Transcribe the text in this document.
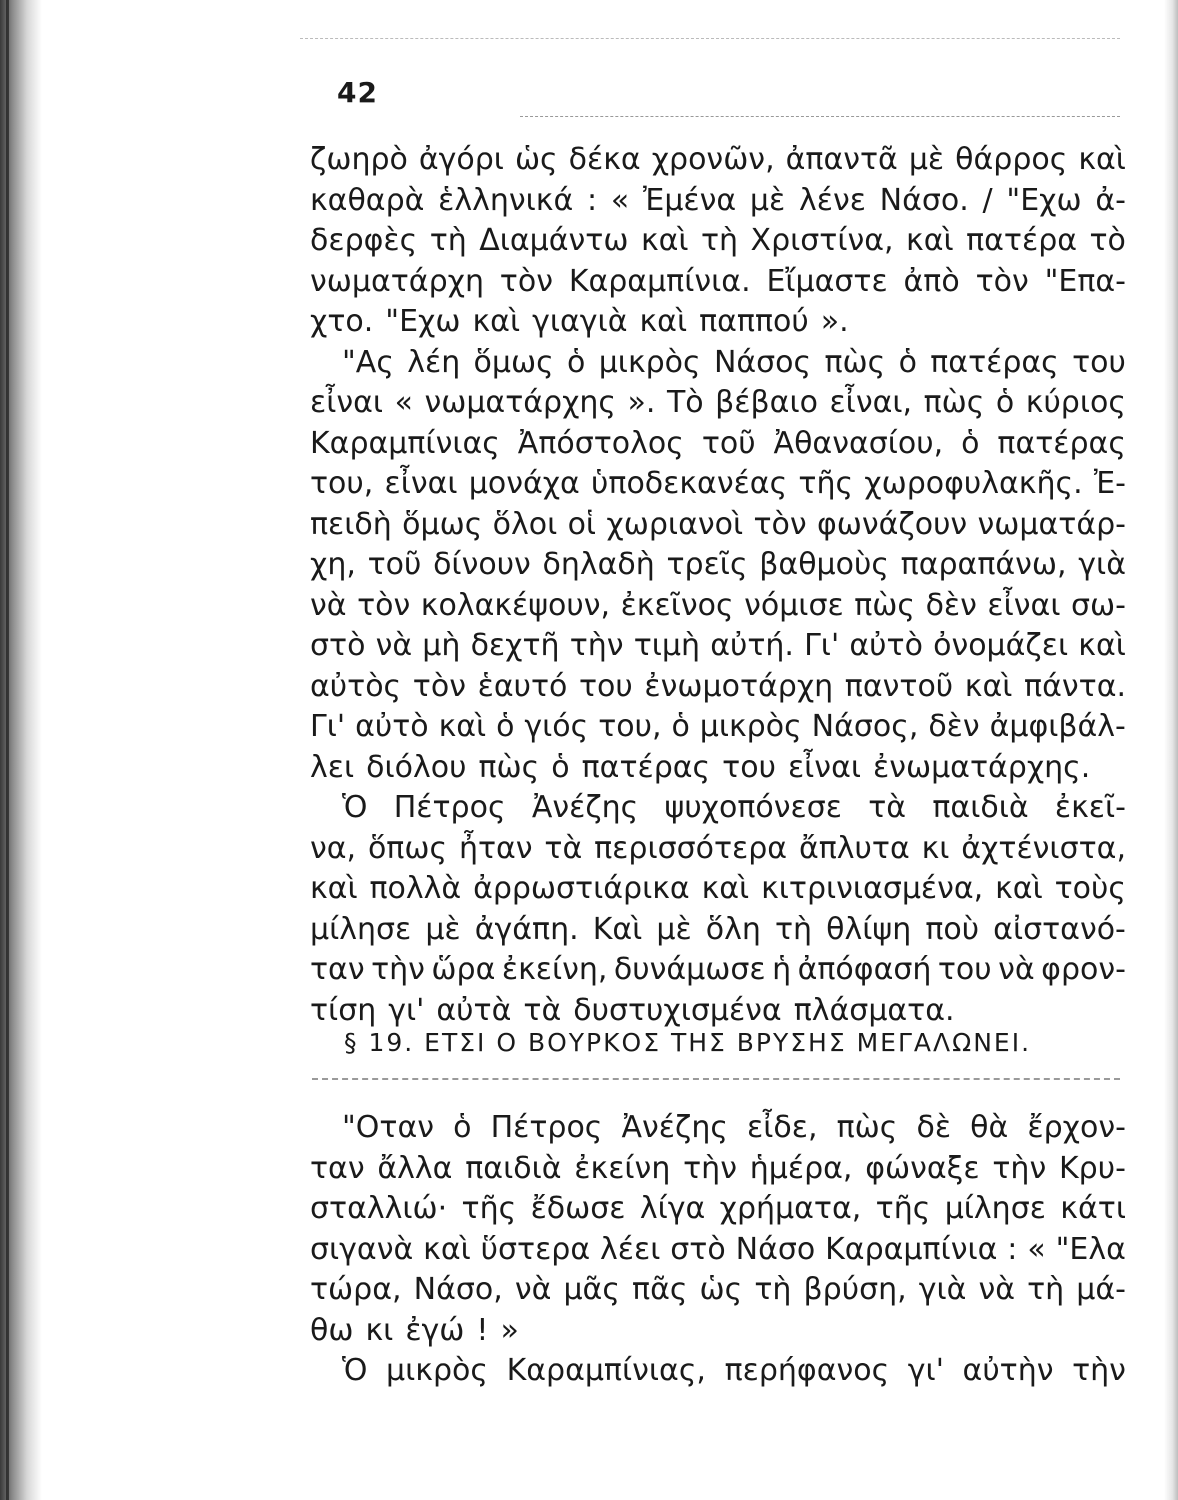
42
ζωηρὸ ἀγόρι ὡς δέκα χρονῶν, ἀπαντᾶ μὲ θάρρος καὶ
καθαρὰ ἑλληνικά : « Ἐμένα μὲ λένε Νάσο. / "Εχω ἀ-
δερφὲς τὴ Διαμάντω καὶ τὴ Χριστίνα, καὶ πατέρα τὸ
νωματάρχη τὸν Καραμπίνια. Εἴμαστε ἀπὸ τὸν "Επα-
χτο. "Εχω καὶ γιαγιὰ καὶ παππού ».
"Ας λέη ὅμως ὁ μικρὸς Νάσος πὼς ὁ πατέρας του
εἶναι « νωματάρχης ». Τὸ βέβαιο εἶναι, πὼς ὁ κύριος
Καραμπίνιας Ἀπόστολος τοῦ Ἀθανασίου, ὁ πατέρας
του, εἶναι μονάχα ὑποδεκανέας τῆς χωροφυλακῆς. Ἐ-
πειδὴ ὅμως ὅλοι οἱ χωριανοὶ τὸν φωνάζουν νωματάρ-
χη, τοῦ δίνουν δηλαδὴ τρεῖς βαθμοὺς παραπάνω, γιὰ
νὰ τὸν κολακέψουν, ἐκεῖνος νόμισε πὼς δὲν εἶναι σω-
στὸ νὰ μὴ δεχτῆ τὴν τιμὴ αὐτή. Γι' αὐτὸ ὀνομάζει καὶ
αὐτὸς τὸν ἑαυτό του ἐνωμοτάρχη παντοῦ καὶ πάντα.
Γι' αὐτὸ καὶ ὁ γιός του, ὁ μικρὸς Νάσος, δὲν ἀμφιβάλ-
λει διόλου πὼς ὁ πατέρας του εἶναι ἐνωματάρχης.
Ὁ Πέτρος Ἀνέζης ψυχοπόνεσε τὰ παιδιὰ ἐκεῖ-
να, ὅπως ἦταν τὰ περισσότερα ἄπλυτα κι ἀχτένιστα,
καὶ πολλὰ ἀρρωστιάρικα καὶ κιτρινιασμένα, καὶ τοὺς
μίλησε μὲ ἀγάπη. Καὶ μὲ ὅλη τὴ θλίψη ποὺ αἰστανό-
ταν τὴν ὥρα ἐκείνη, δυνάμωσε ἡ ἀπόφασή του νὰ φρον-
τίση γι' αὐτὰ τὰ δυστυχισμένα πλάσματα.
§ 19. ΕΤΣΙ Ο ΒΟΥΡΚΟΣ ΤΗΣ ΒΡΥΣΗΣ ΜΕΓΑΛΩΝΕΙ.
"Οταν ὁ Πέτρος Ἀνέζης εἶδε, πὼς δὲ θὰ ἔρχον-
ταν ἄλλα παιδιὰ ἐκείνη τὴν ἡμέρα, φώναξε τὴν Κρυ-
σταλλιώ· τῆς ἔδωσε λίγα χρήματα, τῆς μίλησε κάτι
σιγανὰ καὶ ὕστερα λέει στὸ Νάσο Καραμπίνια : « "Ελα
τώρα, Νάσο, νὰ μᾶς πᾶς ὡς τὴ βρύση, γιὰ νὰ τὴ μά-
θω κι ἐγώ ! »
Ὁ μικρὸς Καραμπίνιας, περήφανος γι' αὐτὴν τὴν
